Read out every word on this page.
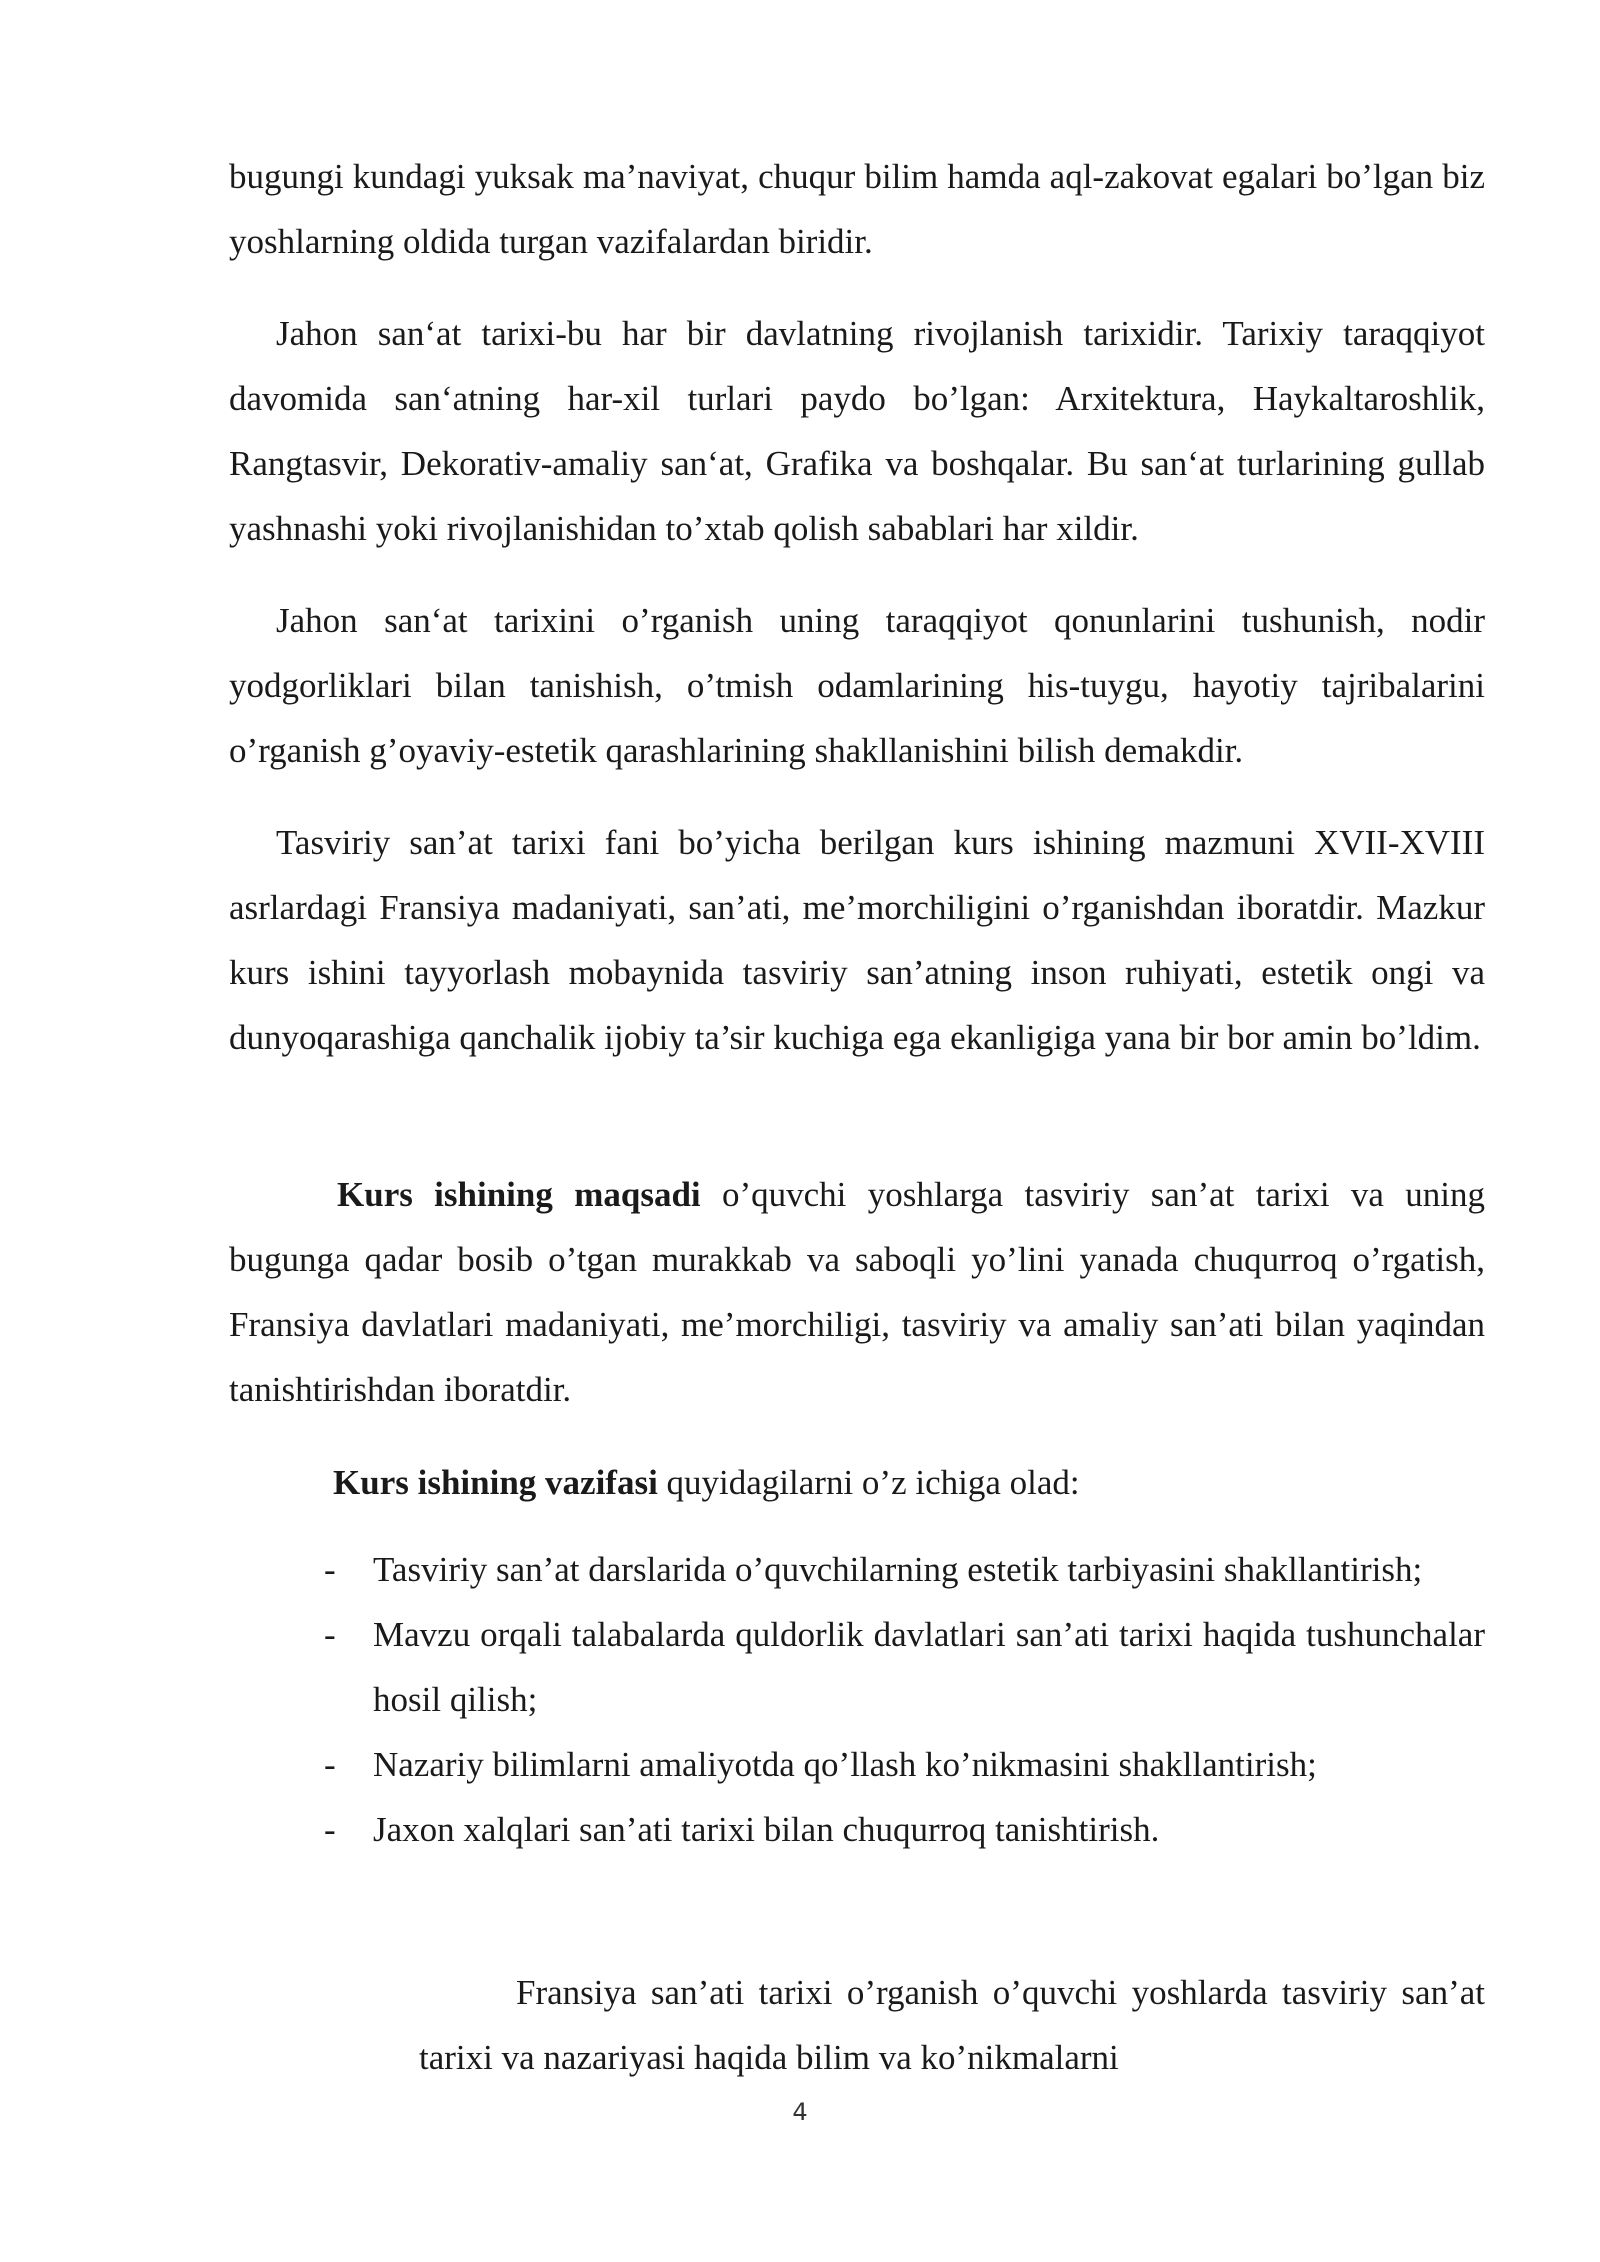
bugungi kundagi yuksak ma’naviyat, chuqur bilim hamda aql-zakovat egalari bo’lgan biz yoshlarning oldida turgan vazifalardan biridir.

Jahon san‘at tarixi-bu har bir davlatning rivojlanish tarixidir. Tarixiy taraqqiyot davomida san‘atning har-xil turlari paydo bo’lgan: Arxitektura, Haykaltaroshlik, Rangtasvir, Dekorativ-amaliy san‘at, Grafika va boshqalar. Bu san‘at turlarining gullab yashnashi yoki rivojlanishidan to’xtab qolish sabablari har xildir.

Jahon san‘at tarixini o’rganish uning taraqqiyot qonunlarini tushunish, nodir yodgorliklari bilan tanishish, o’tmish odamlarining his-tuygu, hayotiy tajribalarini o’rganish g’oyaviy-estetik qarashlarining shakllanishini bilish demakdir.

Tasviriy san’at tarixi fani bo’yicha berilgan kurs ishining mazmuni XVII-XVIII asrlardagi Fransiya madaniyati, san’ati, me’morchiligini o’rganishdan iboratdir. Mazkur kurs ishini tayyorlash mobaynida tasviriy san’atning inson ruhiyati, estetik ongi va dunyoqarashiga qanchalik ijobiy ta’sir kuchiga ega ekanligiga yana bir bor amin bo’ldim.

Kurs ishining maqsadi o’quvchi yoshlarga tasviriy san’at tarixi va uning bugunga qadar bosib o’tgan murakkab va saboqli yo’lini yanada chuqurroq o’rgatish, Fransiya davlatlari madaniyati, me’morchiligi, tasviriy va amaliy san’ati bilan yaqindan tanishtirishdan iboratdir.

Kurs ishining vazifasi quyidagilarni o’z ichiga olad:

- Tasviriy san’at darslarida o’quvchilarning estetik tarbiyasini shakllantirish;
- Mavzu orqali talabalarda quldorlik davlatlari san’ati tarixi haqida tushunchalar hosil qilish;
- Nazariy bilimlarni amaliyotda qo’llash ko’nikmasini shakllantirish;
- Jaxon xalqlari san’ati tarixi bilan chuqurroq tanishtirish.

Fransiya san’ati tarixi o’rganish o’quvchi yoshlarda tasviriy san’at tarixi va nazariyasi haqida bilim va ko’nikmalarni

4
